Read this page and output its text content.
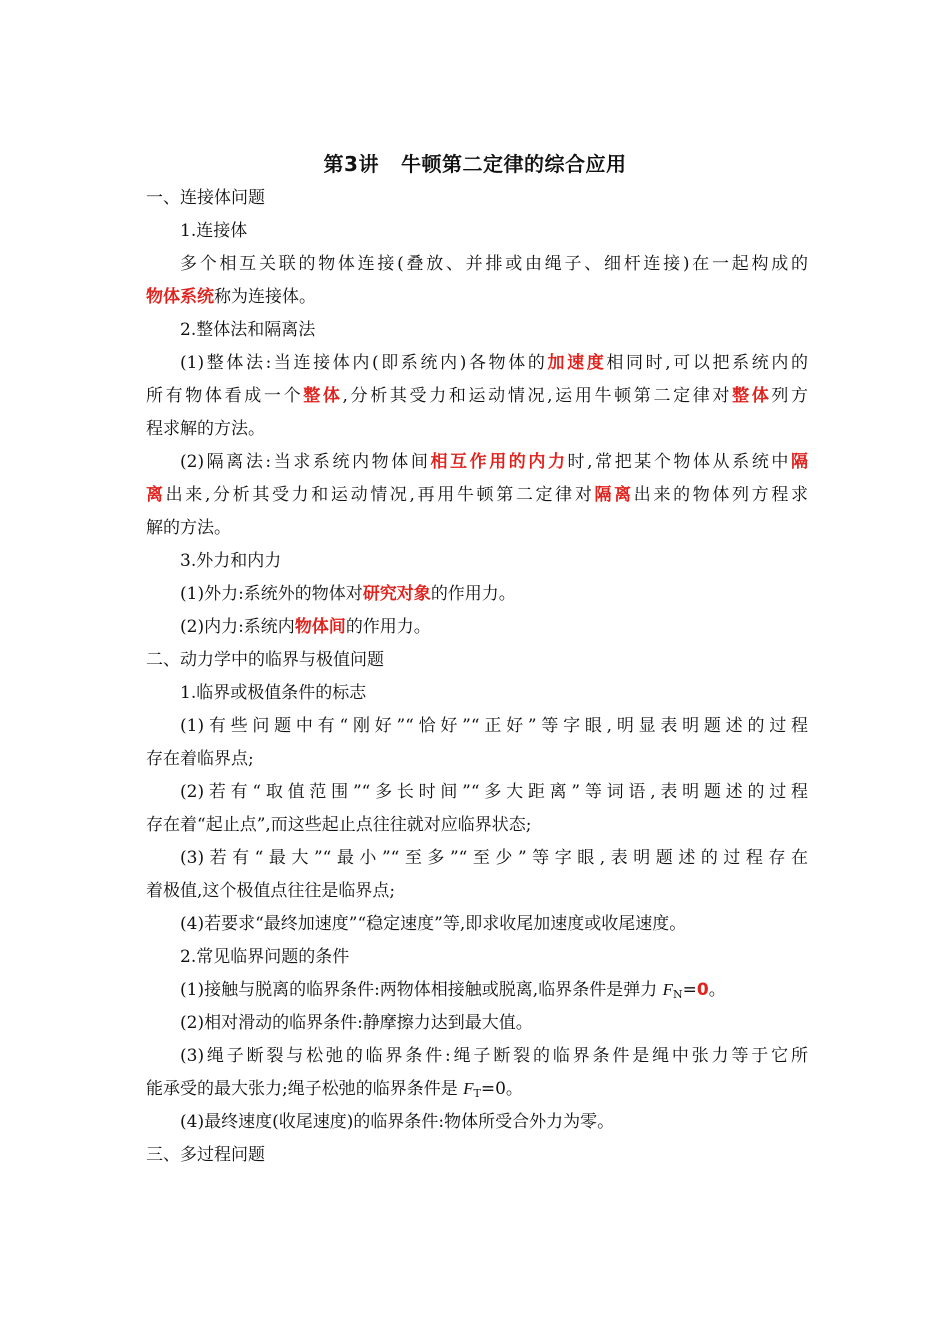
第3讲 牛顿第二定律的综合应用
一、连接体问题
1.连接体
多个相互关联的物体连接(叠放、并排或由绳子、细杆连接)在一起构成的
物体系统称为连接体。
2.整体法和隔离法
(1)整体法:当连接体内(即系统内)各物体的加速度相同时,可以把系统内的
所有物体看成一个整体,分析其受力和运动情况,运用牛顿第二定律对整体列方
程求解的方法。
(2)隔离法:当求系统内物体间相互作用的内力时,常把某个物体从系统中隔
离出来,分析其受力和运动情况,再用牛顿第二定律对隔离出来的物体列方程求
解的方法。
3.外力和内力
(1)外力:系统外的物体对研究对象的作用力。
(2)内力:系统内物体间的作用力。
二、动力学中的临界与极值问题
1.临界或极值条件的标志
(1)有些问题中有“刚好”“恰好”“正好”等字眼,明显表明题述的过程
存在着临界点;
(2)若有“取值范围”“多长时间”“多大距离”等词语,表明题述的过程
存在着“起止点”,而这些起止点往往就对应临界状态;
(3)若有“最大”“最小”“至多”“至少”等字眼,表明题述的过程存在
着极值,这个极值点往往是临界点;
(4)若要求“最终加速度”“稳定速度”等,即求收尾加速度或收尾速度。
2.常见临界问题的条件
(1)接触与脱离的临界条件:两物体相接触或脱离,临界条件是弹力 $F_N=0$。
(2)相对滑动的临界条件:静摩擦力达到最大值。
(3)绳子断裂与松弛的临界条件:绳子断裂的临界条件是绳中张力等于它所
能承受的最大张力;绳子松弛的临界条件是 $F_T=0$。
(4)最终速度(收尾速度)的临界条件:物体所受合外力为零。
三、多过程问题
